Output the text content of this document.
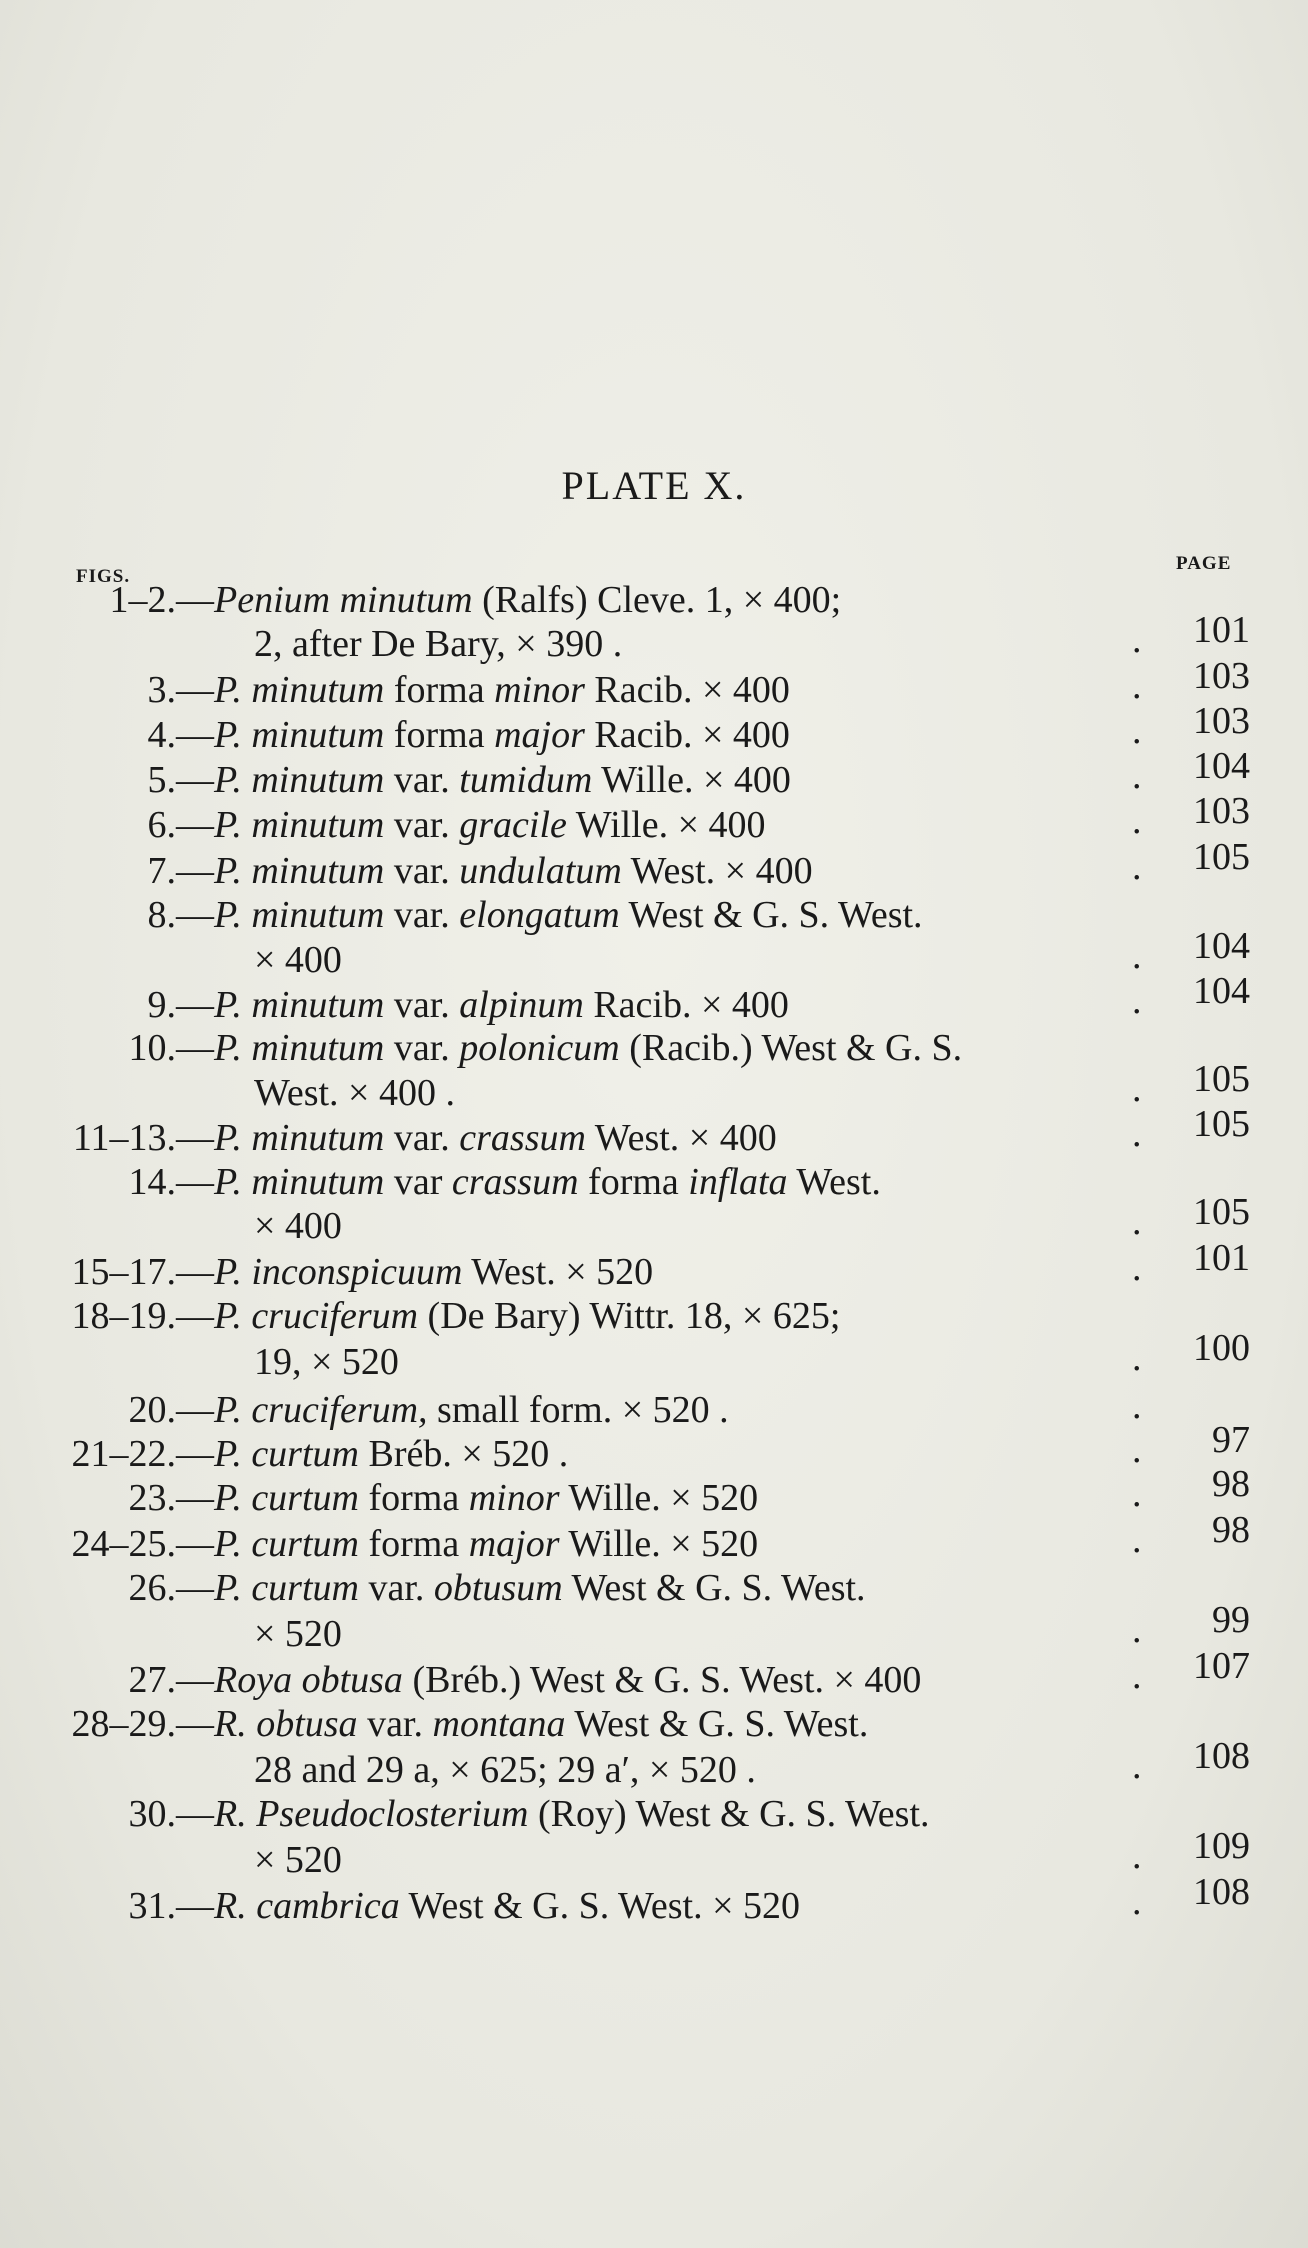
PLATE X.
FIGS.
PAGE
1–2.— Penium minutum (Ralfs) Cleve. 1, × 400;
2, after De Bary, × 390 .	.	101
3.— P. minutum forma minor Racib. × 400	.	103
4.— P. minutum forma major Racib. × 400	.	103
5.— P. minutum var. tumidum Wille. × 400	.	104
6.— P. minutum var. gracile Wille. × 400	.	103
7.— P. minutum var. undulatum West. × 400	.	105
8.— P. minutum var. elongatum West & G. S. West.
× 400	.	104
9.— P. minutum var. alpinum Racib. × 400	.	104
10.— P. minutum var. polonicum (Racib.) West & G. S.
West. × 400 .	.	105
11–13.— P. minutum var. crassum West. × 400	.	105
14.— P. minutum var crassum forma inflata West.
× 400	.	105
15–17.— P. inconspicuum West. × 520	.	101
18–19.— P. cruciferum (De Bary) Wittr. 18, × 625;
19, × 520	.	100
20.— P. cruciferum, small form. × 520 .	.
21–22.— P. curtum Bréb. × 520 .	.	97
23.— P. curtum forma minor Wille. × 520	.	98
24–25.— P. curtum forma major Wille. × 520	.	98
26.— P. curtum var. obtusum West & G. S. West.
× 520	.	99
27.— Roya obtusa (Bréb.) West & G. S. West. × 400	.	107
28–29.— R. obtusa var. montana West & G. S. West.
28 and 29 a, × 625; 29 a′, × 520 .	.	108
30.— R. Pseudoclosterium (Roy) West & G. S. West.
× 520	.	109
31.— R. cambrica West & G. S. West. × 520	.	108
